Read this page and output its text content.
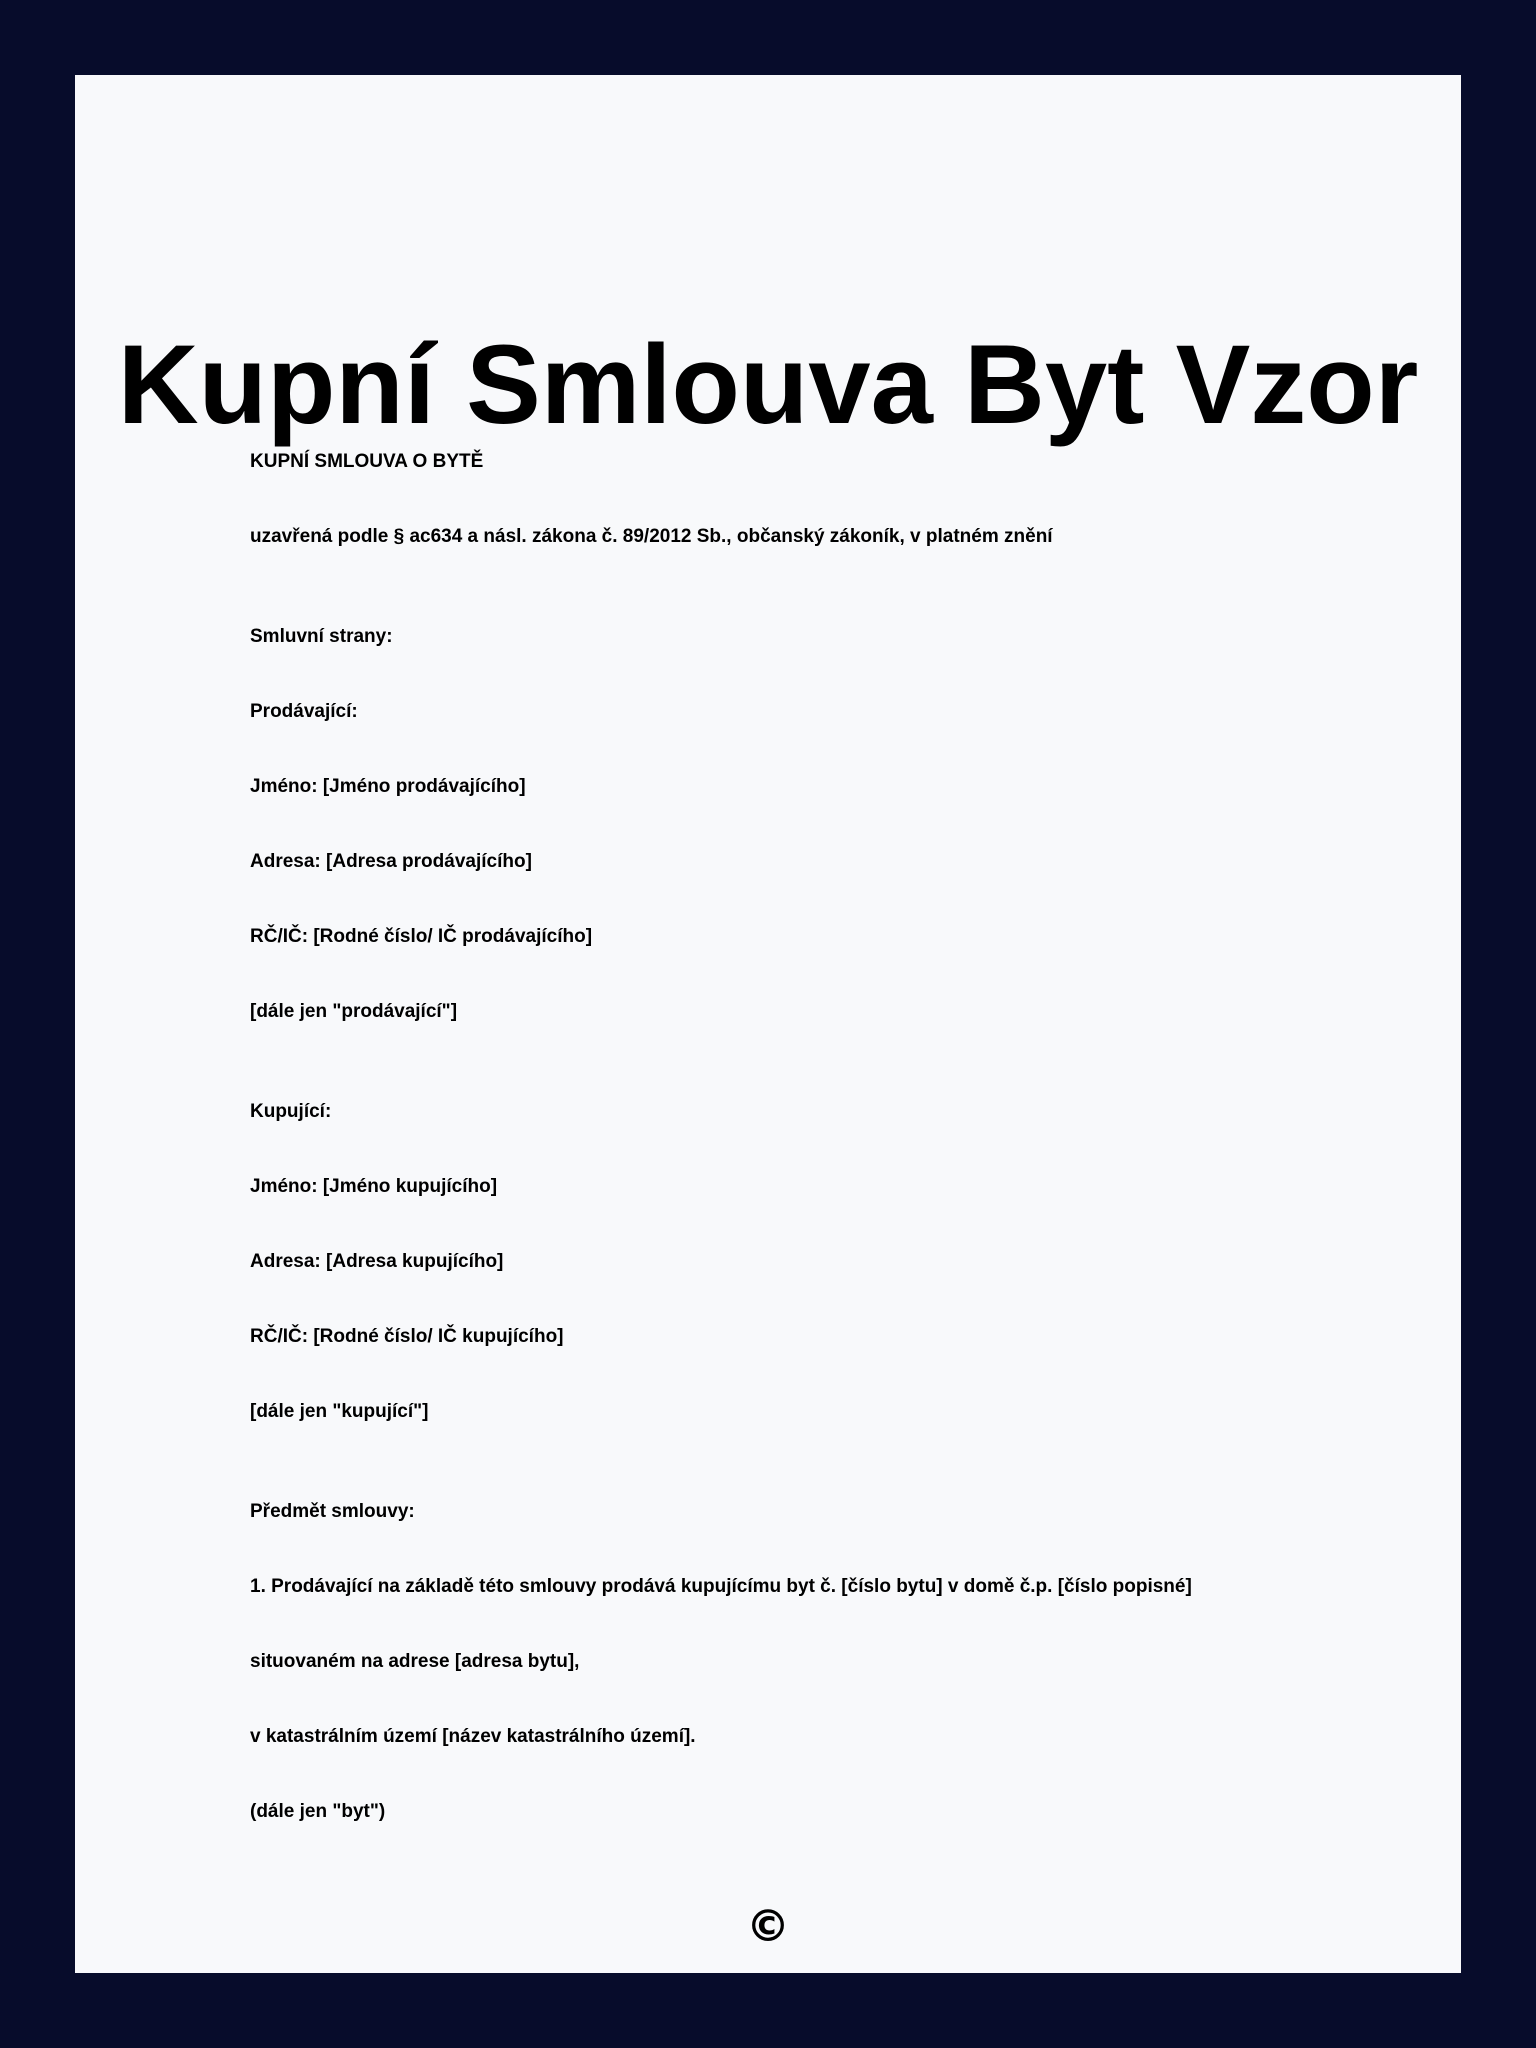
Kupní Smlouva Byt Vzor

KUPNÍ SMLOUVA O BYTĚ

uzavřená podle § ac634 a násl. zákona č. 89/2012 Sb., občanský zákoník, v platném znění

Smluvní strany:

Prodávající:

Jméno: [Jméno prodávajícího]

Adresa: [Adresa prodávajícího]

RČ/IČ: [Rodné číslo/ IČ prodávajícího]

[dále jen "prodávající"]

Kupující:

Jméno: [Jméno kupujícího]

Adresa: [Adresa kupujícího]

RČ/IČ: [Rodné číslo/ IČ kupujícího]

[dále jen "kupující"]

Předmět smlouvy:

1. Prodávající na základě této smlouvy prodává kupujícímu byt č. [číslo bytu] v domě č.p. [číslo popisné]

situovaném na adrese [adresa bytu],

v katastrálním území [název katastrálního území].

(dále jen "byt")

©
